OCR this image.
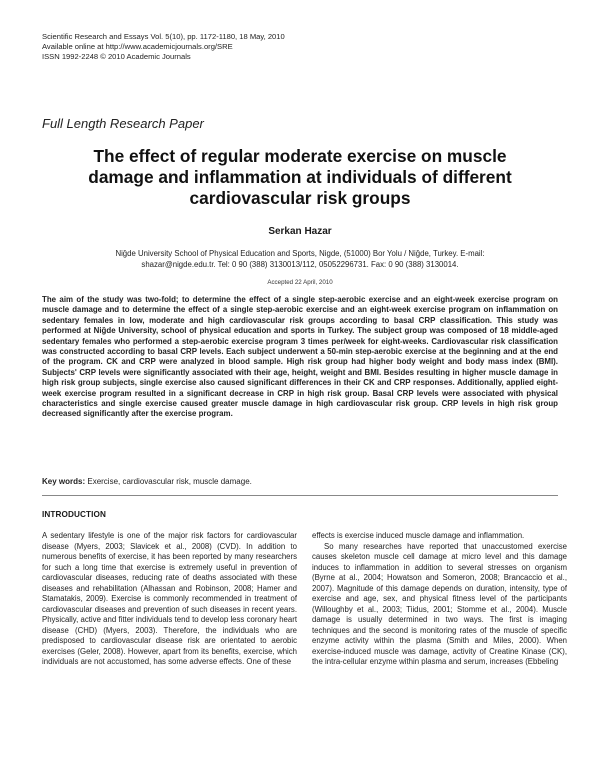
Scientific Research and Essays Vol. 5(10), pp. 1172-1180, 18 May, 2010
Available online at http://www.academicjournals.org/SRE
ISSN 1992-2248 © 2010 Academic Journals
Full Length Research Paper
The effect of regular moderate exercise on muscle
damage and inflammation at individuals of different
cardiovascular risk groups
Serkan Hazar
Niğde University School of Physical Education and Sports, Nigde, (51000) Bor Yolu / Niğde, Turkey. E-mail:
shazar@nigde.edu.tr. Tel: 0 90 (388) 3130013/112, 05052296731. Fax: 0 90 (388) 3130014.
Accepted 22 April, 2010
The aim of the study was two-fold; to determine the effect of a single step-aerobic exercise and an eight-week exercise program on muscle damage and to determine the effect of a single step-aerobic exercise and an eight-week exercise program on inflammation on sedentary females in low, moderate and high cardiovascular risk groups according to basal CRP classification. This study was performed at Niğde University, school of physical education and sports in Turkey. The subject group was composed of 18 middle-aged sedentary females who performed a step-aerobic exercise program 3 times per/week for eight-weeks. Cardiovascular risk classification was constructed according to basal CRP levels. Each subject underwent a 50-min step-aerobic exercise at the beginning and at the end of the program. CK and CRP were analyzed in blood sample. High risk group had higher body weight and body mass index (BMI). Subjects' CRP levels were significantly associated with their age, height, weight and BMI. Besides resulting in higher muscle damage in high risk group subjects, single exercise also caused significant differences in their CK and CRP responses. Additionally, applied eight-week exercise program resulted in a significant decrease in CRP in high risk group. Basal CRP levels were associated with physical characteristics and single exercise caused greater muscle damage in high cardiovascular risk group. CRP levels in high risk group decreased significantly after the exercise program.
Key words: Exercise, cardiovascular risk, muscle damage.
INTRODUCTION

A sedentary lifestyle is one of the major risk factors for cardiovascular disease (Myers, 2003; Slavicek et al., 2008) (CVD). In addition to numerous benefits of exercise, it has been reported by many researchers for such a long time that exercise is extremely useful in prevention of cardiovascular diseases, reducing rate of deaths associated with these diseases and rehabilitation (Alhassan and Robinson, 2008; Hamer and Stamatakis, 2009). Exercise is commonly recommended in treatment of cardiovascular diseases and prevention of such diseases in recent years. Physically, active and fitter individuals tend to develop less coronary heart disease (CHD) (Myers, 2003). Therefore, the individuals who are predisposed to cardiovascular disease risk are orientated to aerobic exercises (Geler, 2008). However, apart from its benefits, exercise, which individuals are not accustomed, has some adverse effects. One of these

effects is exercise induced muscle damage and inflammation.

So many researches have reported that unaccustomed exercise causes skeleton muscle cell damage at micro level and this damage induces to inflammation in addition to several stresses on organism (Byrne at al., 2004; Howatson and Someron, 2008; Brancaccio et al., 2007). Magnitude of this damage depends on duration, intensity, type of exercise and age, sex, and physical fitness level of the participants (Willoughby et al., 2003; Tiidus, 2001; Stomme et al., 2004). Muscle damage is usually determined in two ways. The first is imaging techniques and the second is monitoring rates of the muscle of specific enzyme activity within the plasma (Smith and Miles, 2000). When exercise-induced muscle was damage, activity of Creatine Kinase (CK), the intra-cellular enzyme within plasma and serum, increases (Ebbeling
